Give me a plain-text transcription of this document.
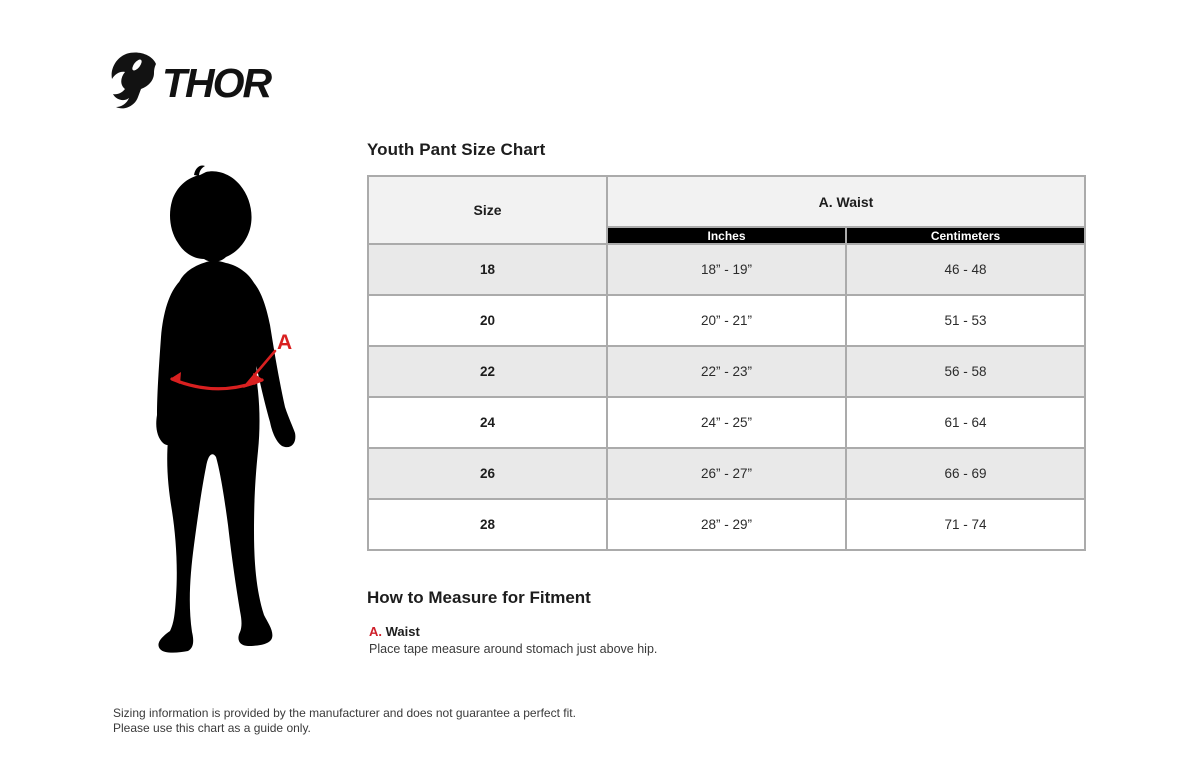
THOR
A
Youth Pant Size Chart
Size	A. Waist	
	Inches	Centimeters
18	18” - 19”	46 - 48
20	20” - 21”	51 - 53
22	22” - 23”	56 - 58
24	24” - 25”	61 - 64
26	26” - 27”	66 - 69
28	28” - 29”	71 - 74
How to Measure for Fitment
A. Waist
Place tape measure around stomach just above hip.
Sizing information is provided by the manufacturer and does not guarantee a perfect fit.
Please use this chart as a guide only.
